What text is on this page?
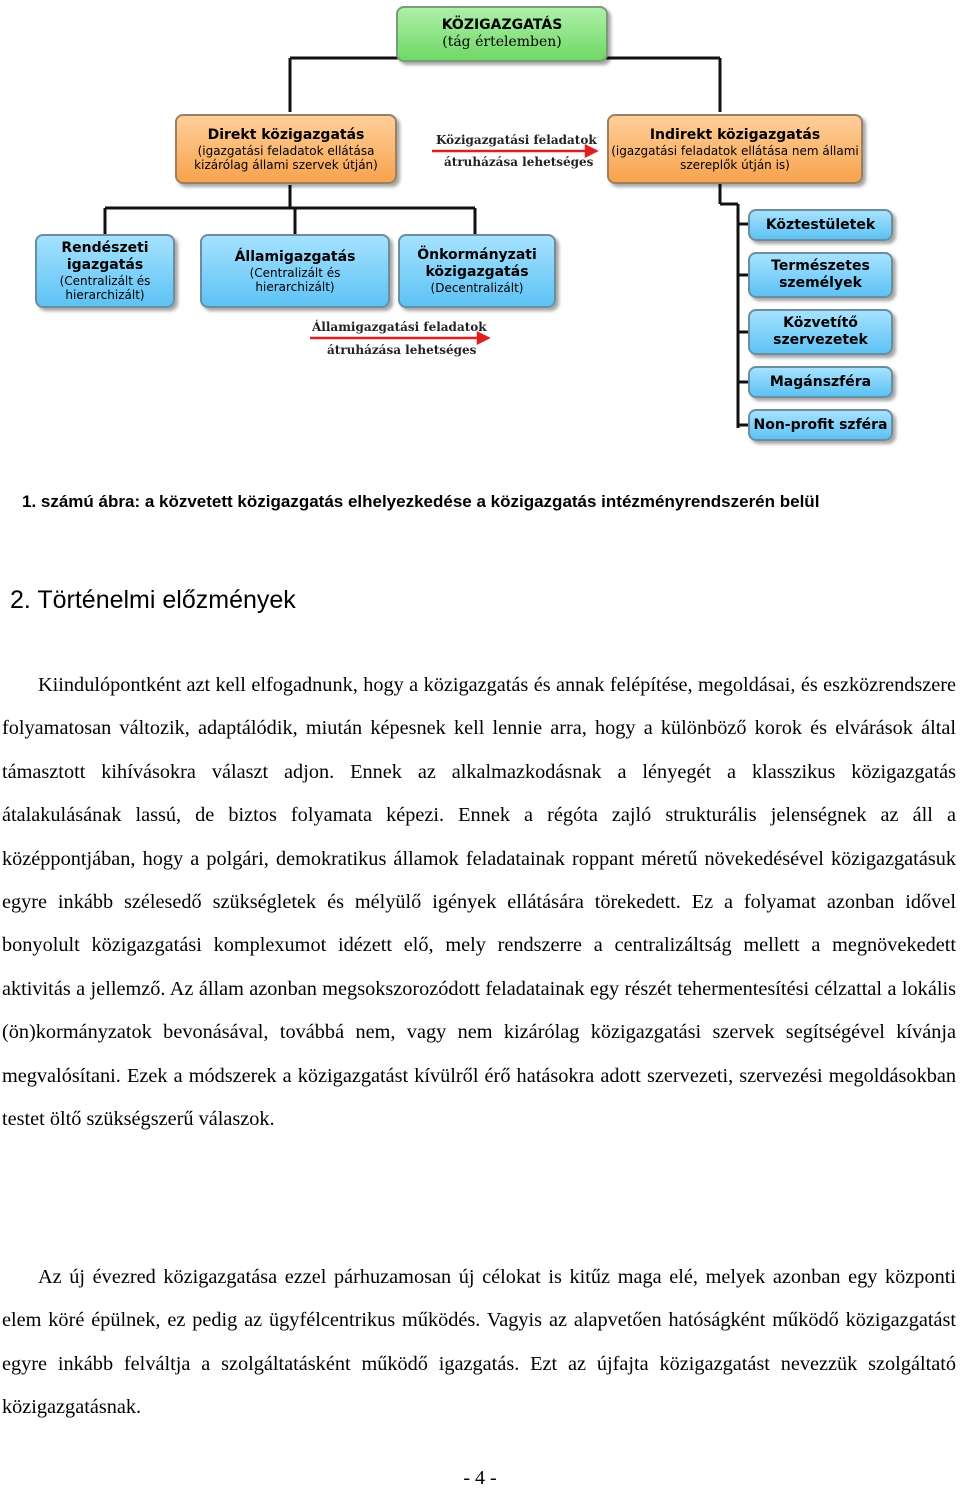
KÖZIGAZGATÁS
(tág értelemben)
Direkt közigazgatás
(igazgatási feladatok ellátása kizárólag állami szervek útján)
Közigazgatási feladatok
átruházása lehetséges
Indirekt közigazgatás
(igazgatási feladatok ellátása nem állami szereplők útján is)
Rendészeti igazgatás
(Centralizált és hierarchizált)
Államigazgatás
(Centralizált és hierarchizált)
Önkormányzati közigazgatás
(Decentralizált)
Államigazgatási feladatok
átruházása lehetséges
Köztestületek
Természetes személyek
Közvetítő szervezetek
Magánszféra
Non-profit szféra
1. számú ábra: a közvetett közigazgatás elhelyezkedése a közigazgatás intézményrendszerén belül
2. Történelmi előzmények

Kiindulópontként azt kell elfogadnunk, hogy a közigazgatás és annak felépítése, megoldásai, és eszközrendszere folyamatosan változik, adaptálódik, miután képesnek kell lennie arra, hogy a különböző korok és elvárások által támasztott kihívásokra választ adjon. Ennek az alkalmazkodásnak a lényegét a klasszikus közigazgatás átalakulásának lassú, de biztos folyamata képezi. Ennek a régóta zajló strukturális jelenségnek az áll a középpontjában, hogy a polgári, demokratikus államok feladatainak roppant méretű növekedésével közigazgatásuk egyre inkább szélesedő szükségletek és mélyülő igények ellátására törekedett. Ez a folyamat azonban idővel bonyolult közigazgatási komplexumot idézett elő, mely rendszerre a centralizáltság mellett a megnövekedett aktivitás a jellemző. Az állam azonban megsokszorozódott feladatainak egy részét tehermentesítési célzattal a lokális (ön)kormányzatok bevonásával, továbbá nem, vagy nem kizárólag közigazgatási szervek segítségével kívánja megvalósítani. Ezek a módszerek a közigazgatást kívülről érő hatásokra adott szervezeti, szervezési megoldásokban testet öltő szükségszerű válaszok.

Az új évezred közigazgatása ezzel párhuzamosan új célokat is kitűz maga elé, melyek azonban egy központi elem köré épülnek, ez pedig az ügyfélcentrikus működés. Vagyis az alapvetően hatóságként működő közigazgatást egyre inkább felváltja a szolgáltatásként működő igazgatás. Ezt az újfajta közigazgatást nevezzük szolgáltató közigazgatásnak.

- 4 -
